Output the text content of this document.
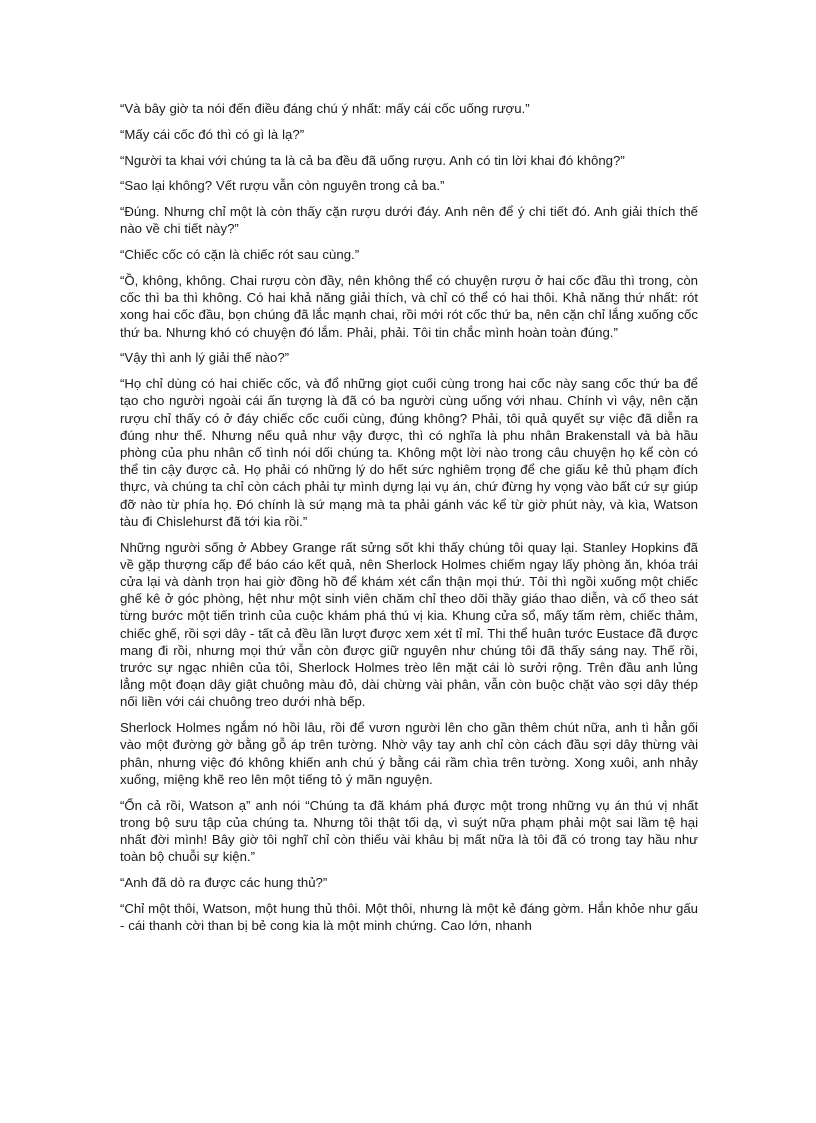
“Và bây giờ ta nói đến điều đáng chú ý nhất: mấy cái cốc uống rượu.”

“Mấy cái cốc đó thì có gì là lạ?”

“Người ta khai với chúng ta là cả ba đều đã uống rượu. Anh có tin lời khai đó không?”

“Sao lại không? Vết rượu vẫn còn nguyên trong cả ba.”

“Đúng. Nhưng chỉ một là còn thấy cặn rượu dưới đáy. Anh nên để ý chi tiết đó. Anh giải thích thế nào về chi tiết này?”

“Chiếc cốc có cặn là chiếc rót sau cùng.”

“Ồ, không, không. Chai rượu còn đầy, nên không thể có chuyện rượu ở hai cốc đầu thì trong, còn cốc thì ba thì không. Có hai khả năng giải thích, và chỉ có thể có hai thôi. Khả năng thứ nhất: rót xong hai cốc đầu, bọn chúng đã lắc mạnh chai, rồi mới rót cốc thứ ba, nên cặn chỉ lắng xuống cốc thứ ba. Nhưng khó có chuyện đó lắm. Phải, phải. Tôi tin chắc mình hoàn toàn đúng.”

“Vậy thì anh lý giải thế nào?”

“Họ chỉ dùng có hai chiếc cốc, và đổ những giọt cuối cùng trong hai cốc này sang cốc thứ ba để tạo cho người ngoài cái ấn tượng là đã có ba người cùng uống với nhau. Chính vì vậy, nên cặn rượu chỉ thấy có ở đáy chiếc cốc cuối cùng, đúng không? Phải, tôi quả quyết sự việc đã diễn ra đúng như thế. Nhưng nếu quả như vậy được, thì có nghĩa là phu nhân Brakenstall và bà hầu phòng của phu nhân cố tình nói dối chúng ta. Không một lời nào trong câu chuyện họ kể còn có thể tin cậy được cả. Họ phải có những lý do hết sức nghiêm trọng để che giấu kẻ thủ phạm đích thực, và chúng ta chỉ còn cách phải tự mình dựng lại vụ án, chứ đừng hy vọng vào bất cứ sự giúp đỡ nào từ phía họ. Đó chính là sứ mạng mà ta phải gánh vác kể từ giờ phút này, và kìa, Watson tàu đi Chislehurst đã tới kia rồi.”

Những người sống ở Abbey Grange rất sửng sốt khi thấy chúng tôi quay lại. Stanley Hopkins đã về gặp thượng cấp để báo cáo kết quả, nên Sherlock Holmes chiếm ngay lấy phòng ăn, khóa trái cửa lại và dành trọn hai giờ đồng hồ để khám xét cẩn thận mọi thứ. Tôi thì ngồi xuống một chiếc ghế kê ở góc phòng, hệt như một sinh viên chăm chỉ theo dõi thầy giáo thao diễn, và cố theo sát từng bước một tiến trình của cuộc khám phá thú vị kia. Khung cửa sổ, mấy tấm rèm, chiếc thảm, chiếc ghế, rồi sợi dây - tất cả đều lần lượt được xem xét tỉ mỉ. Thi thể huân tước Eustace đã được mang đi rồi, nhưng mọi thứ vẫn còn được giữ nguyên như chúng tôi đã thấy sáng nay. Thế rồi, trước sự ngạc nhiên của tôi, Sherlock Holmes trèo lên mặt cái lò sưởi rộng. Trên đầu anh lủng lẳng một đoạn dây giật chuông màu đỏ, dài chừng vài phân, vẫn còn buộc chặt vào sợi dây thép nối liền với cái chuông treo dưới nhà bếp.

Sherlock Holmes ngắm nó hồi lâu, rồi để vươn người lên cho gần thêm chút nữa, anh tì hẳn gối vào một đường gờ bằng gỗ áp trên tường. Nhờ vậy tay anh chỉ còn cách đầu sợi dây thừng vài phân, nhưng việc đó không khiến anh chú ý bằng cái rầm chìa trên tường. Xong xuôi, anh nhảy xuống, miệng khẽ reo lên một tiếng tỏ ý mãn nguyện.

“Ổn cả rồi, Watson ạ” anh nói “Chúng ta đã khám phá được một trong những vụ án thú vị nhất trong bộ sưu tập của chúng ta. Nhưng tôi thật tối dạ, vì suýt nữa phạm phải một sai lầm tệ hại nhất đời mình! Bây giờ tôi nghĩ chỉ còn thiếu vài khâu bị mất nữa là tôi đã có trong tay hầu như toàn bộ chuỗi sự kiện.”

“Anh đã dò ra được các hung thủ?”

“Chỉ một thôi, Watson, một hung thủ thôi. Một thôi, nhưng là một kẻ đáng gờm. Hắn khỏe như gấu - cái thanh cời than bị bẻ cong kia là một minh chứng. Cao lớn, nhanh
